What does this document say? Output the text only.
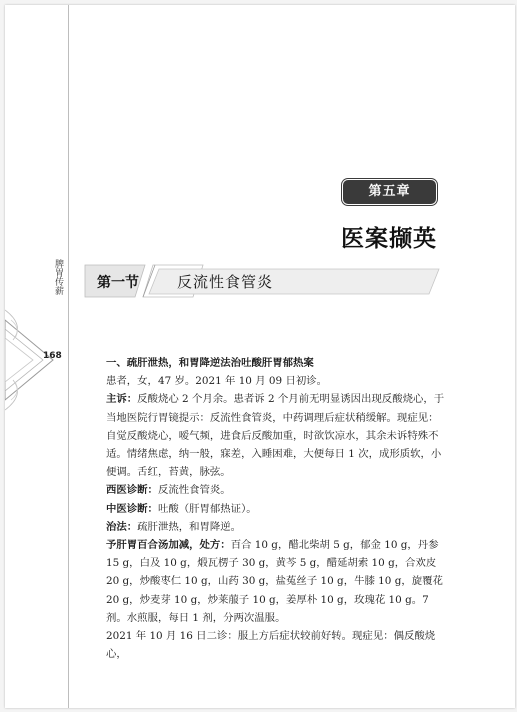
脾胃传薪
168
第五章
医案撷英
第一节	反流性食管炎

一、疏肝泄热，和胃降逆法治吐酸肝胃郁热案

患者，女，47 岁。2021 年 10 月 09 日初诊。

主诉：反酸烧心 2 个月余。患者诉 2 个月前无明显诱因出现反酸烧心，于当地医院行胃镜提示：反流性食管炎，中药调理后症状稍缓解。现症见：自觉反酸烧心，嗳气频，进食后反酸加重，时欲饮凉水，其余未诉特殊不适。情绪焦虑，纳一般，寐差，入睡困难，大便每日 1 次，成形质软，小便调。舌红，苔黄，脉弦。

西医诊断：反流性食管炎。

中医诊断：吐酸（肝胃郁热证）。

治法：疏肝泄热，和胃降逆。

予肝胃百合汤加减，处方：百合 10 g，醋北柴胡 5 g，郁金 10 g，丹参 15 g，白及 10 g，煅瓦楞子 30 g，黄芩 5 g，醋延胡索 10 g，合欢皮 20 g，炒酸枣仁 10 g，山药 30 g，盐菟丝子 10 g，牛膝 10 g，旋覆花 20 g，炒麦芽 10 g，炒莱菔子 10 g，姜厚朴 10 g，玫瑰花 10 g。7 剂。水煎服，每日 1 剂，分两次温服。

2021 年 10 月 16 日二诊：服上方后症状较前好转。现症见：偶反酸烧心，
